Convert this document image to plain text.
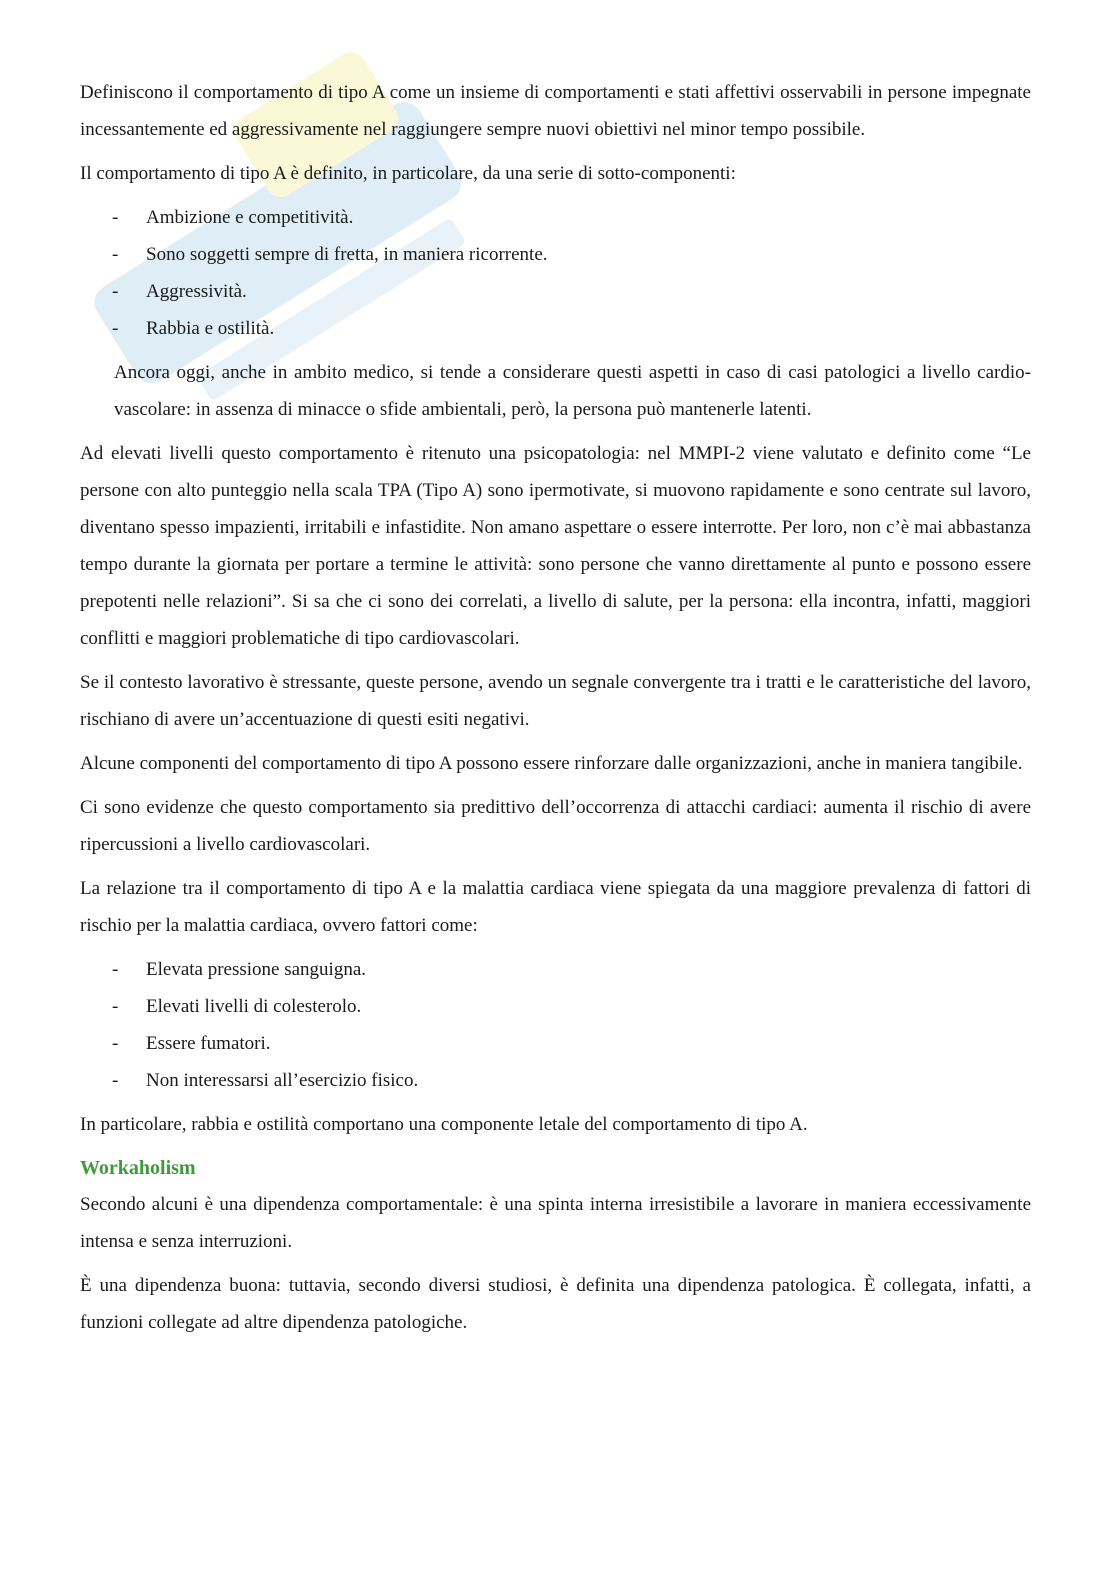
Definiscono il comportamento di tipo A come un insieme di comportamenti e stati affettivi osservabili in persone impegnate incessantemente ed aggressivamente nel raggiungere sempre nuovi obiettivi nel minor tempo possibile.

Il comportamento di tipo A è definito, in particolare, da una serie di sotto-componenti:

- Ambizione e competitività.
- Sono soggetti sempre di fretta, in maniera ricorrente.
- Aggressività.
- Rabbia e ostilità.

Ancora oggi, anche in ambito medico, si tende a considerare questi aspetti in caso di casi patologici a livello cardio-vascolare: in assenza di minacce o sfide ambientali, però, la persona può mantenerle latenti.

Ad elevati livelli questo comportamento è ritenuto una psicopatologia: nel MMPI-2 viene valutato e definito come “Le persone con alto punteggio nella scala TPA (Tipo A) sono ipermotivate, si muovono rapidamente e sono centrate sul lavoro, diventano spesso impazienti, irritabili e infastidite. Non amano aspettare o essere interrotte. Per loro, non c’è mai abbastanza tempo durante la giornata per portare a termine le attività: sono persone che vanno direttamente al punto e possono essere prepotenti nelle relazioni”. Si sa che ci sono dei correlati, a livello di salute, per la persona: ella incontra, infatti, maggiori conflitti e maggiori problematiche di tipo cardiovascolari.

Se il contesto lavorativo è stressante, queste persone, avendo un segnale convergente tra i tratti e le caratteristiche del lavoro, rischiano di avere un’accentuazione di questi esiti negativi.

Alcune componenti del comportamento di tipo A possono essere rinforzare dalle organizzazioni, anche in maniera tangibile.

Ci sono evidenze che questo comportamento sia predittivo dell’occorrenza di attacchi cardiaci: aumenta il rischio di avere ripercussioni a livello cardiovascolari.

La relazione tra il comportamento di tipo A e la malattia cardiaca viene spiegata da una maggiore prevalenza di fattori di rischio per la malattia cardiaca, ovvero fattori come:

- Elevata pressione sanguigna.
- Elevati livelli di colesterolo.
- Essere fumatori.
- Non interessarsi all’esercizio fisico.

In particolare, rabbia e ostilità comportano una componente letale del comportamento di tipo A.

Workaholism

Secondo alcuni è una dipendenza comportamentale: è una spinta interna irresistibile a lavorare in maniera eccessivamente intensa e senza interruzioni.

È una dipendenza buona: tuttavia, secondo diversi studiosi, è definita una dipendenza patologica. È collegata, infatti, a funzioni collegate ad altre dipendenza patologiche.
